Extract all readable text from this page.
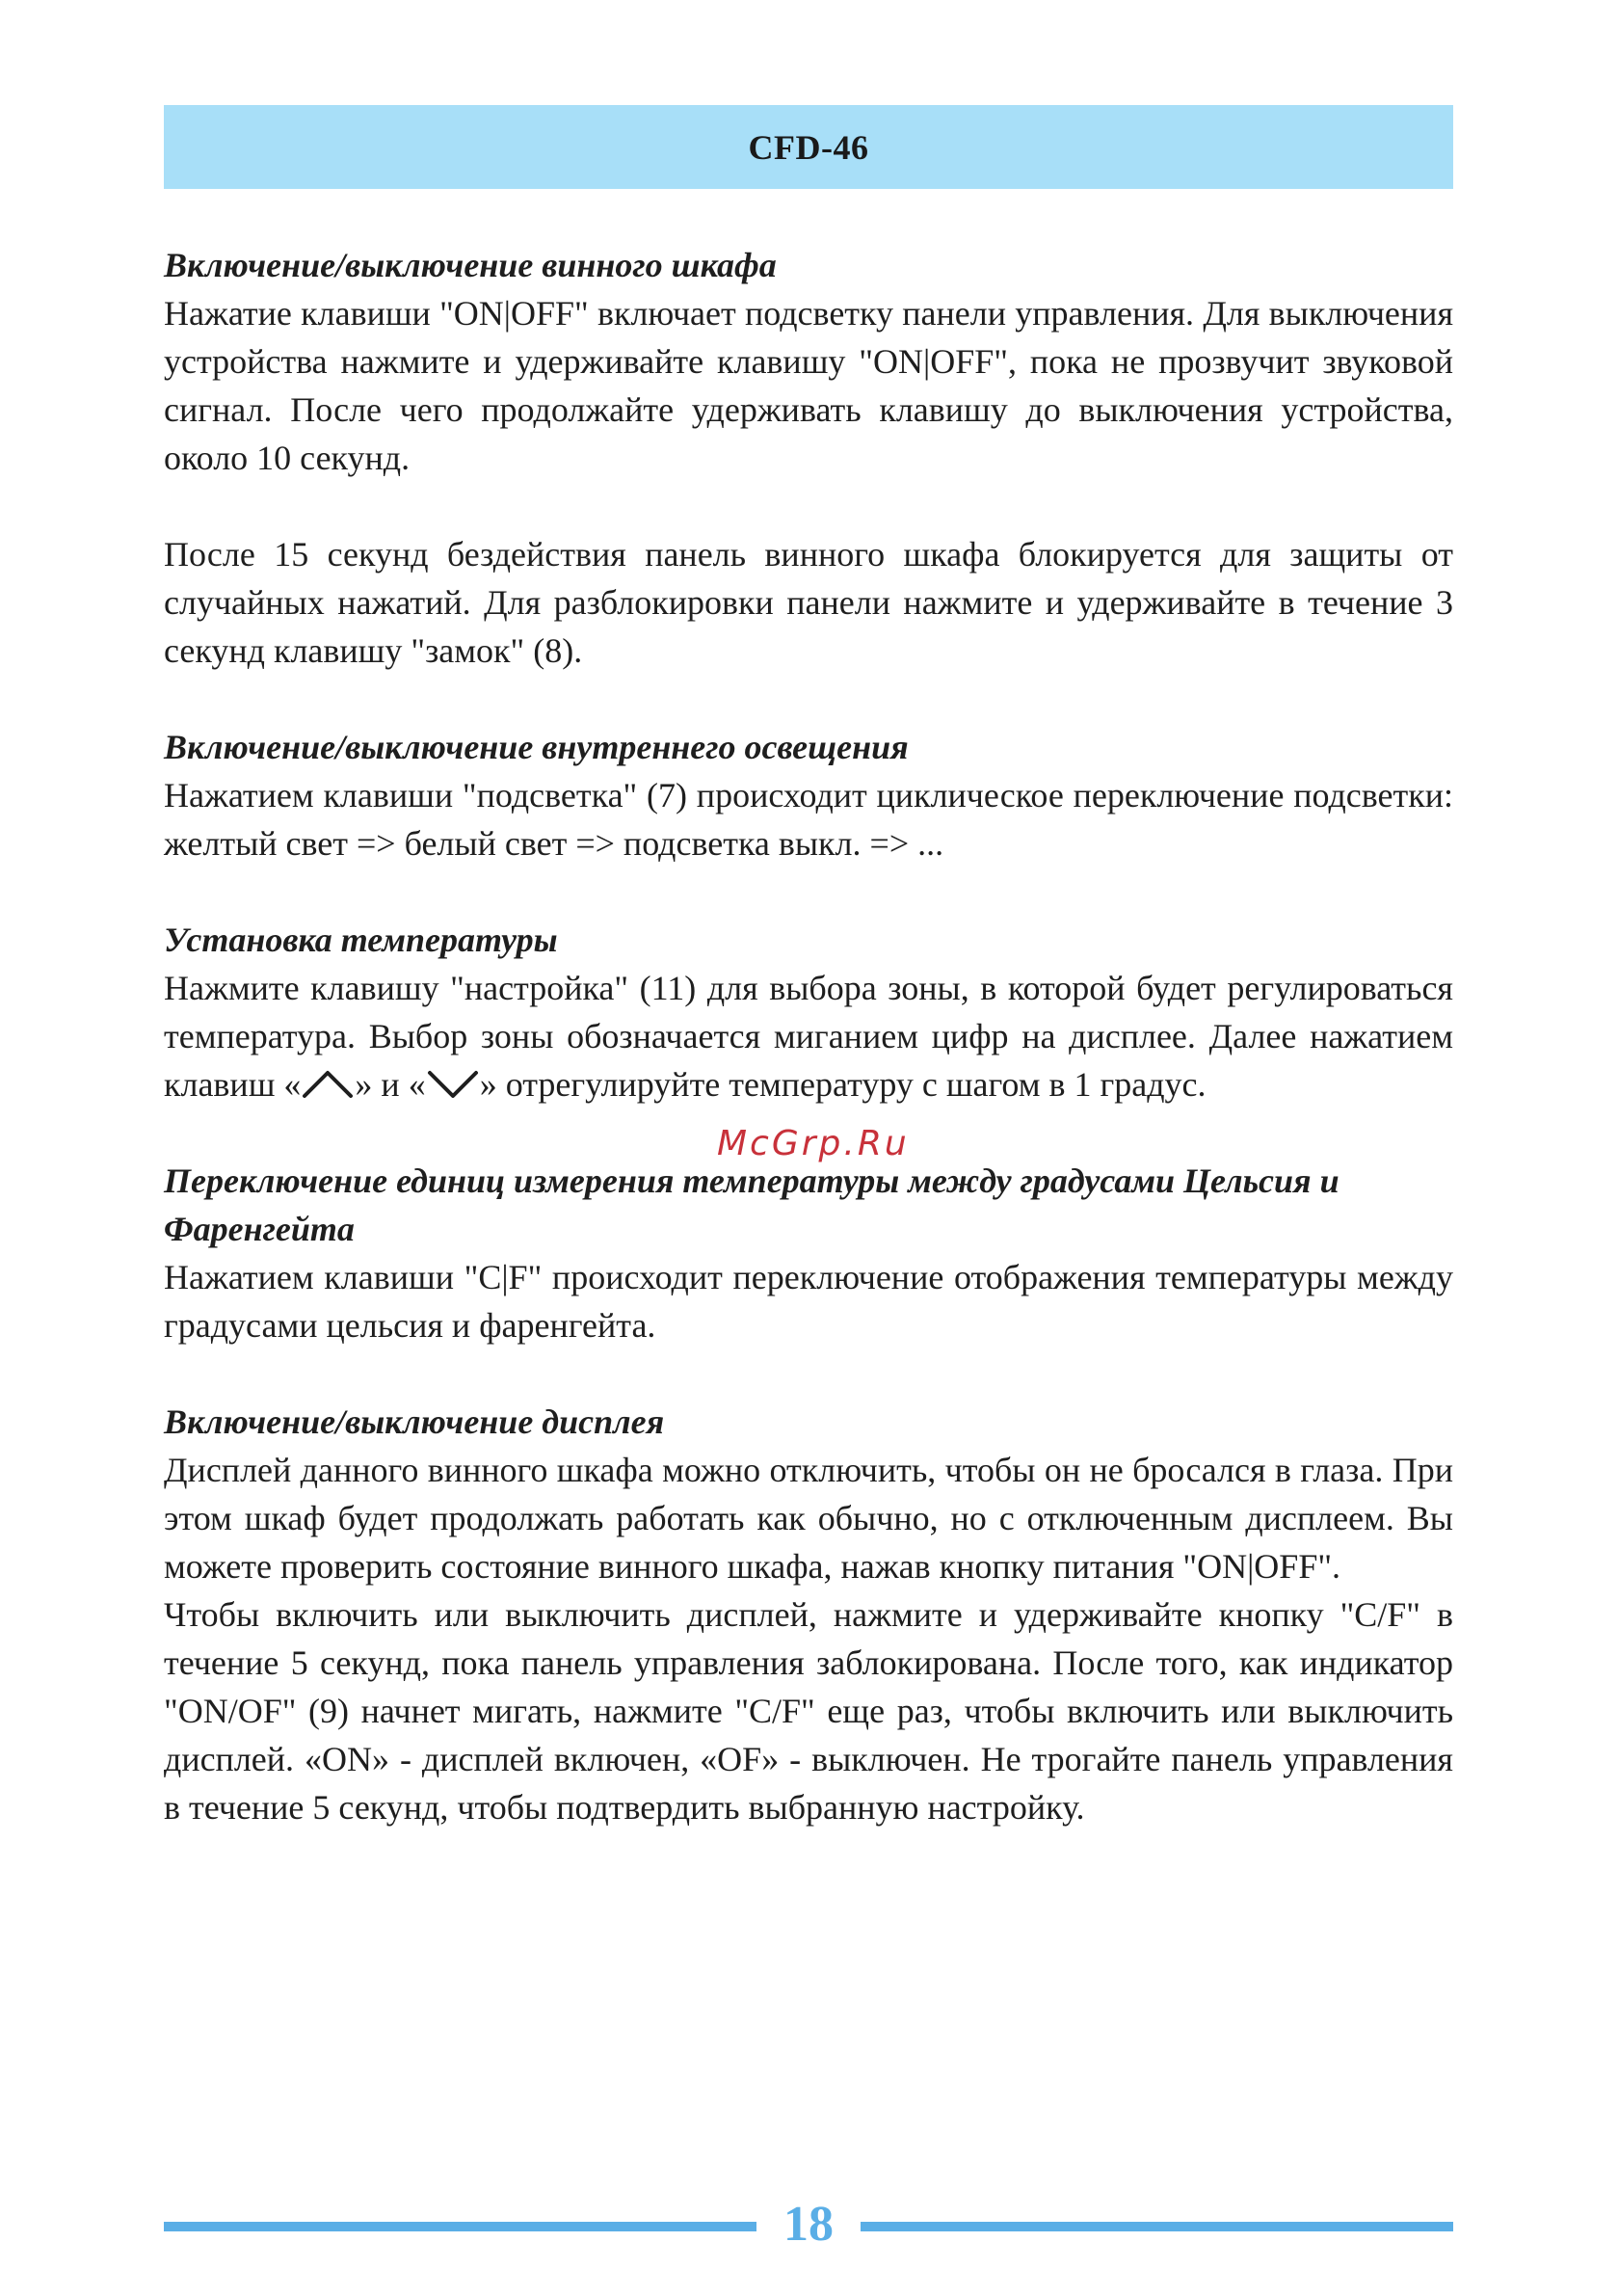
CFD-46

Включение/выключение винного шкафа

Нажатие клавиши "ON|OFF" включает подсветку панели управления. Для выключения устройства нажмите и удерживайте клавишу "ON|OFF", пока не прозвучит звуковой сигнал. После чего продолжайте удерживать клавишу до выключения устройства, около 10 секунд.

После 15 секунд бездействия панель винного шкафа блокируется для защиты от случайных нажатий. Для разблокировки панели нажмите и удерживайте в течение 3 секунд клавишу "замок" (8).

Включение/выключение внутреннего освещения

Нажатием клавиши "подсветка" (7) происходит циклическое переключение подсветки: желтый свет => белый свет => подсветка выкл. => ...

Установка температуры

Нажмите клавишу "настройка" (11) для выбора зоны, в которой будет регулироваться температура. Выбор зоны обозначается миганием цифр на дисплее. Далее нажатием клавиш « » и « » отрегулируйте температуру с шагом в 1 градус.

Переключение единиц измерения температуры между градусами Цельсия и Фаренгейта

Нажатием клавиши "C|F" происходит переключение отображения температуры между градусами цельсия и фаренгейта.

Включение/выключение дисплея

Дисплей данного винного шкафа можно отключить, чтобы он не бросался в глаза. При этом шкаф будет продолжать работать как обычно, но с отключенным дисплеем. Вы можете проверить состояние винного шкафа, нажав кнопку питания "ON|OFF".

Чтобы включить или выключить дисплей, нажмите и удерживайте кнопку "C/F" в течение 5 секунд, пока панель управления заблокирована. После того, как индикатор "ON/OF" (9) начнет мигать, нажмите "C/F" еще раз, чтобы включить или выключить дисплей. «ON» - дисплей включен, «OF» - выключен. Не трогайте панель управления в течение 5 секунд, чтобы подтвердить выбранную настройку.

McGrp.Ru
18
